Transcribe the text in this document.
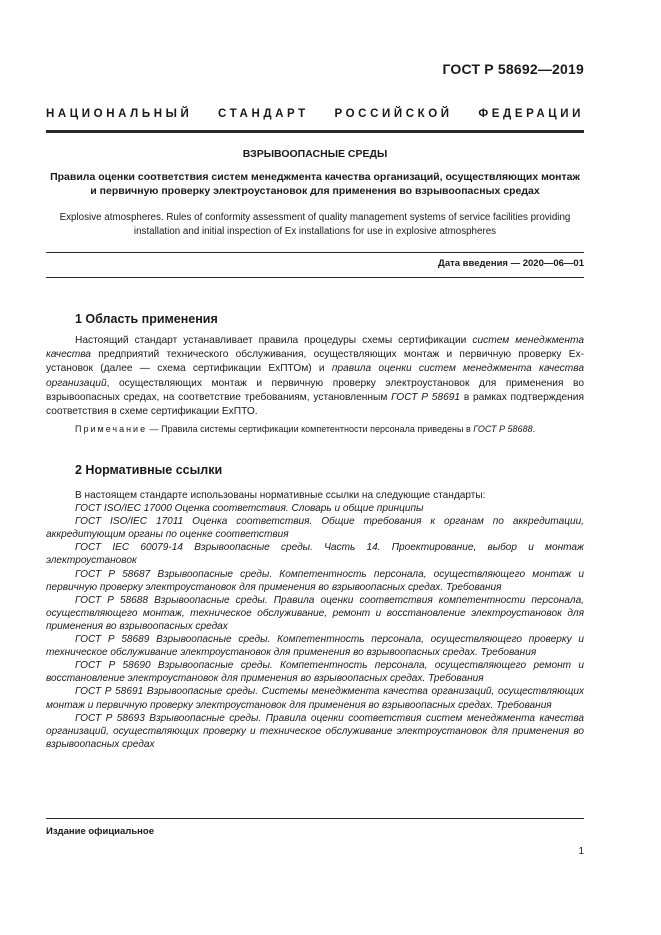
ГОСТ Р 58692—2019
НАЦИОНАЛЬНЫЙ СТАНДАРТ РОССИЙСКОЙ ФЕДЕРАЦИИ
ВЗРЫВООПАСНЫЕ СРЕДЫ
Правила оценки соответствия систем менеджмента качества организаций, осуществляющих монтаж и первичную проверку электроустановок для применения во взрывоопасных средах
Explosive atmospheres. Rules of conformity assessment of quality management systems of service facilities providing installation and initial inspection of Ex installations for use in explosive atmospheres
Дата введения — 2020—06—01
1 Область применения
Настоящий стандарт устанавливает правила процедуры схемы сертификации систем менеджмента качества предприятий технического обслуживания, осуществляющих монтаж и первичную проверку Ex-установок (далее — схема сертификации ExПТОм) и правила оценки систем менеджмента качества организаций, осуществляющих монтаж и первичную проверку электроустановок для применения во взрывоопасных средах, на соответствие требованиям, установленным ГОСТ Р 58691 в рамках подтверждения соответствия в схеме сертификации ExПТО.
Примечание — Правила системы сертификации компетентности персонала приведены в ГОСТ Р 58688.
2 Нормативные ссылки

В настоящем стандарте использованы нормативные ссылки на следующие стандарты:

ГОСТ ISO/IEC 17000 Оценка соответствия. Словарь и общие принципы

ГОСТ ISO/IEC 17011 Оценка соответствия. Общие требования к органам по аккредитации, аккредитующим органы по оценке соответствия

ГОСТ IEC 60079-14 Взрывоопасные среды. Часть 14. Проектирование, выбор и монтаж электроустановок

ГОСТ Р 58687 Взрывоопасные среды. Компетентность персонала, осуществляющего монтаж и первичную проверку электроустановок для применения во взрывоопасных средах. Требования

ГОСТ Р 58688 Взрывоопасные среды. Правила оценки соответствия компетентности персонала, осуществляющего монтаж, техническое обслуживание, ремонт и восстановление электроустановок для применения во взрывоопасных средах

ГОСТ Р 58689 Взрывоопасные среды. Компетентность персонала, осуществляющего проверку и техническое обслуживание электроустановок для применения во взрывоопасных средах. Требования

ГОСТ Р 58690 Взрывоопасные среды. Компетентность персонала, осуществляющего ремонт и восстановление электроустановок для применения во взрывоопасных средах. Требования

ГОСТ Р 58691 Взрывоопасные среды. Системы менеджмента качества организаций, осуществляющих монтаж и первичную проверку электроустановок для применения во взрывоопасных средах. Требования

ГОСТ Р 58693 Взрывоопасные среды. Правила оценки соответствия систем менеджмента качества организаций, осуществляющих проверку и техническое обслуживание электроустановок для применения во взрывоопасных средах

Издание официальное
1
